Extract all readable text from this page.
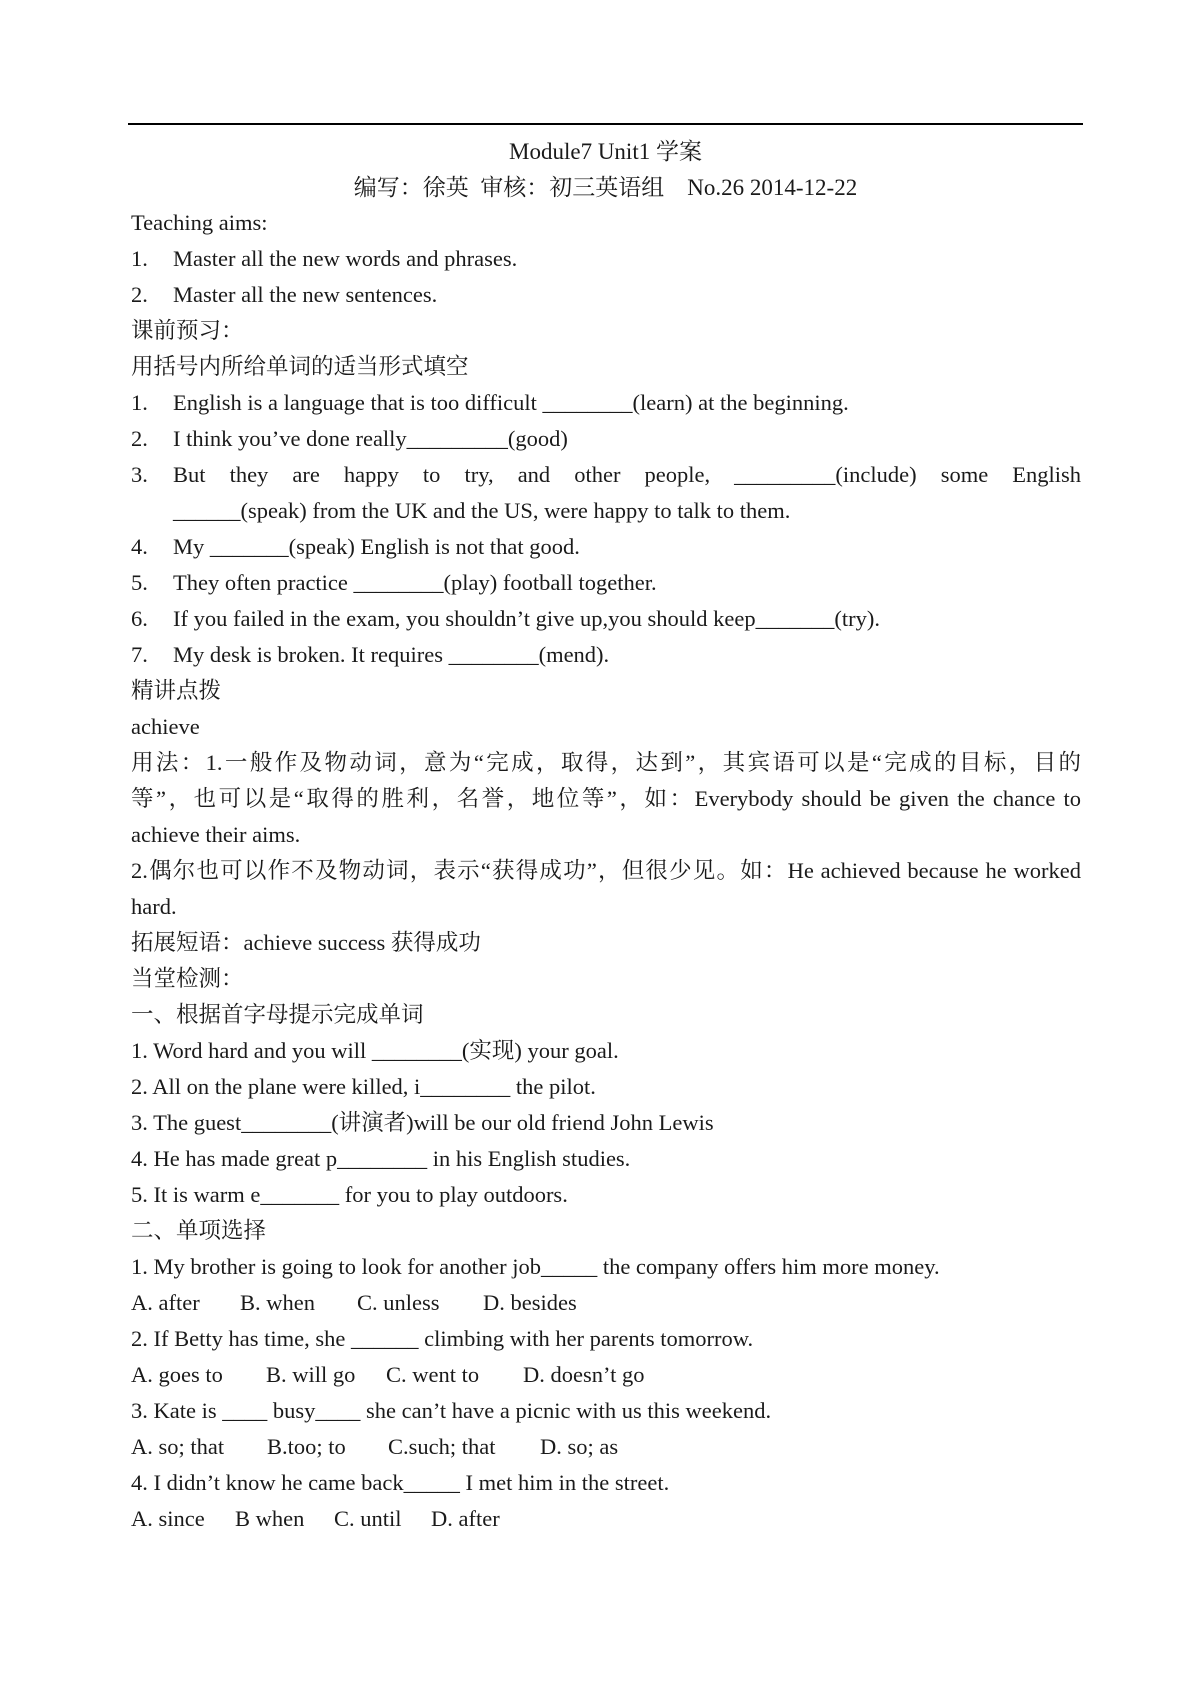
Module7 Unit1 学案
编写：徐英  审核：初三英语组    No.26 2014-12-22
Teaching aims:
1.	Master all the new words and phrases.
2.	Master all the new sentences.
课前预习：
用括号内所给单词的适当形式填空
1.	English is a language that is too difficult ________(learn) at the beginning.
2.	I think you’ve done really_________(good)
3.	But they are happy to try, and other people, _________(include) some English
______(speak) from the UK and the US, were happy to talk to them.
4.	My _______(speak) English is not that good.
5.	They often practice ________(play) football together.
6.	If you failed in the exam, you shouldn’t give up,you should keep_______(try).
7.	My desk is broken. It requires ________(mend).
精讲点拨
achieve
用法：1.一般作及物动词，意为“完成，取得，达到”，其宾语可以是“完成的目标，目的
等”，也可以是“取得的胜利，名誉，地位等”，如：Everybody should be given the chance to
achieve their aims.
2.偶尔也可以作不及物动词，表示“获得成功”，但很少见。如：He achieved because he worked
hard.
拓展短语：achieve success 获得成功
当堂检测：
一、根据首字母提示完成单词
1. Word hard and you will ________(实现) your goal.
2. All on the plane were killed, i________ the pilot.
3. The guest________(讲演者)will be our old friend John Lewis
4. He has made great p________ in his English studies.
5. It is warm e_______ for you to play outdoors.
二、单项选择
1. My brother is going to look for another job_____ the company offers him more money.
A. after	B. when	C. unless	D. besides
2. If Betty has time, she ______ climbing with her parents tomorrow.
A. goes to	B. will go	C. went to	D. doesn’t go
3. Kate is ____ busy____ she can’t have a picnic with us this weekend.
A. so; that	B.too; to	C.such; that	D. so; as
4. I didn’t know he came back_____ I met him in the street.
A. since	B when	C. until	D. after
